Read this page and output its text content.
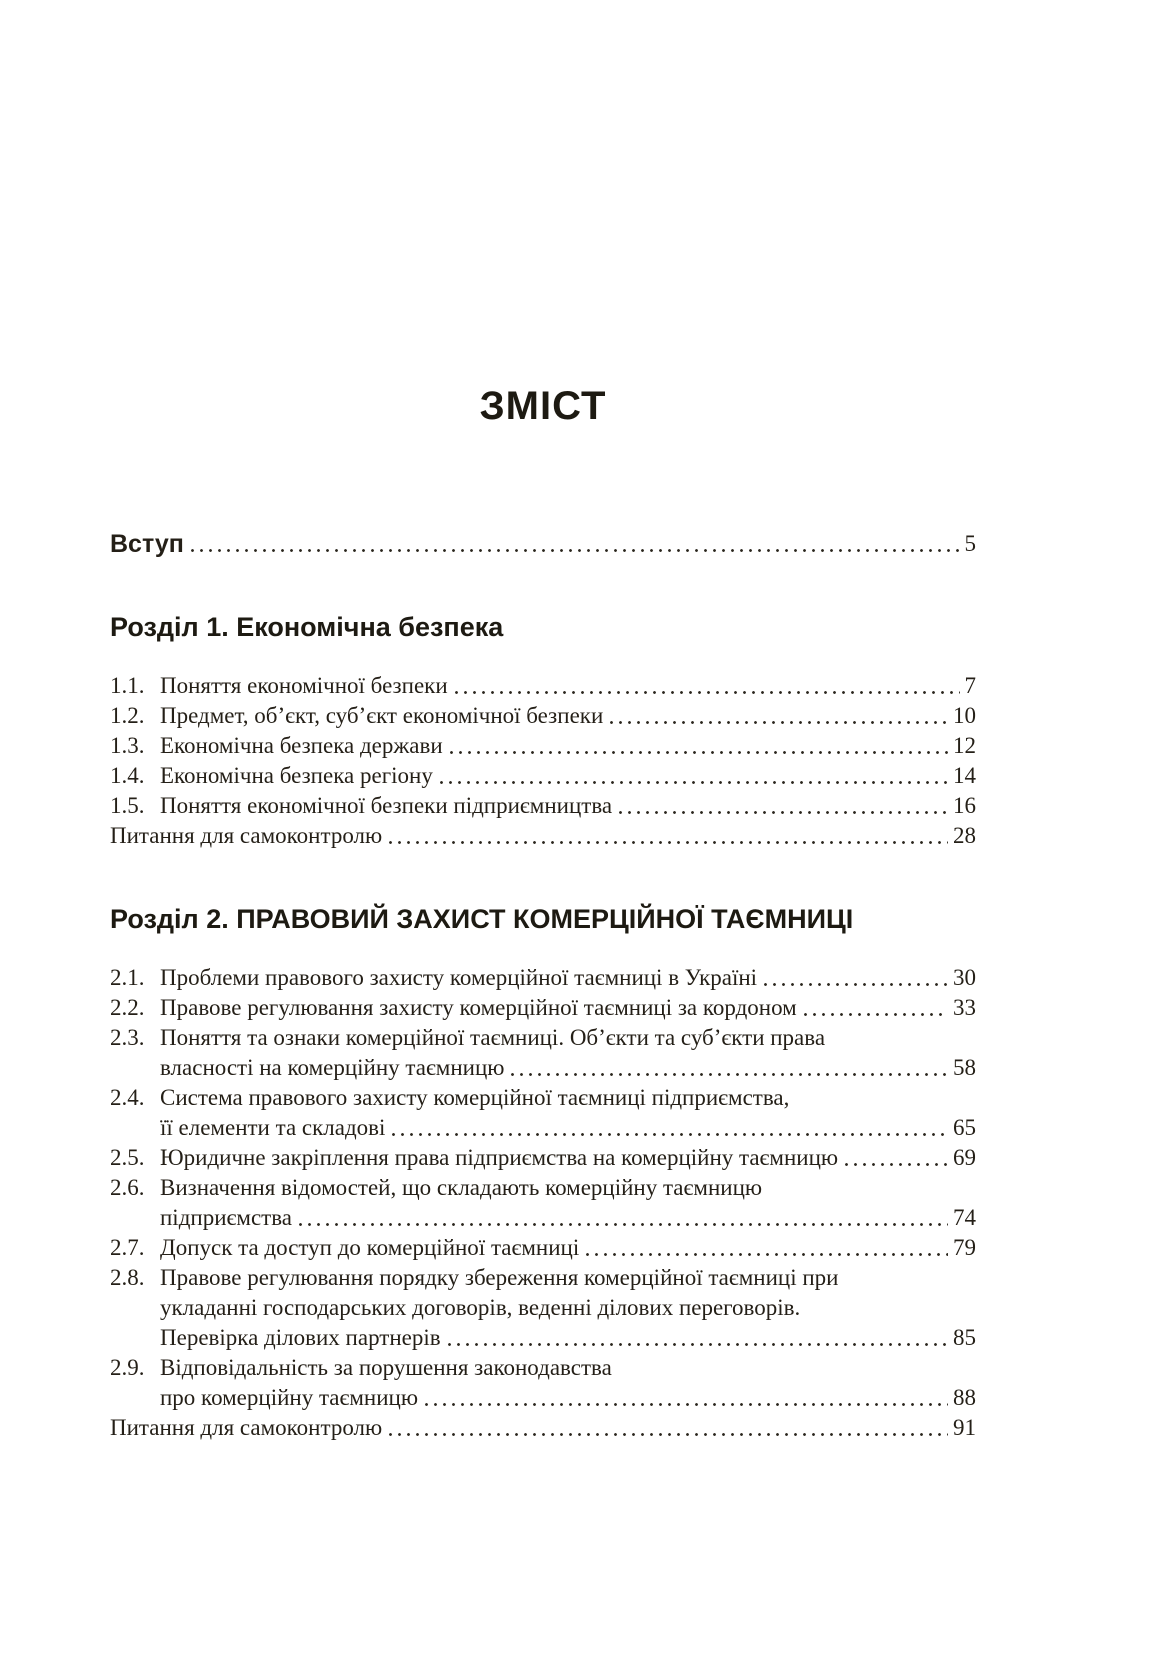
ЗМІСТ
Вступ	5
Розділ 1. Економічна безпека
1.1. Поняття економічної безпеки	7
1.2. Предмет, об’єкт, суб’єкт економічної безпеки	10
1.3. Економічна безпека держави	12
1.4. Економічна безпека регіону	14
1.5. Поняття економічної безпеки підприємництва	16
Питання для самоконтролю	28
Розділ 2. ПРАВОВИЙ ЗАХИСТ КОМЕРЦІЙНОЇ ТАЄМНИЦІ
2.1. Проблеми правового захисту комерційної таємниці в Україні	30
2.2. Правове регулювання захисту комерційної таємниці за кордоном	33
2.3. Поняття та ознаки комерційної таємниці. Об’єкти та суб’єкти права
власності на комерційну таємницю	58
2.4. Система правового захисту комерційної таємниці підприємства,
її елементи та складові	65
2.5. Юридичне закріплення права підприємства на комерційну таємницю	69
2.6. Визначення відомостей, що складають комерційну таємницю
підприємства	74
2.7. Допуск та доступ до комерційної таємниці	79
2.8. Правове регулювання порядку збереження комерційної таємниці при
укладанні господарських договорів, веденні ділових переговорів.
Перевірка ділових партнерів	85
2.9. Відповідальність за порушення законодавства
про комерційну таємницю	88
Питання для самоконтролю	91
